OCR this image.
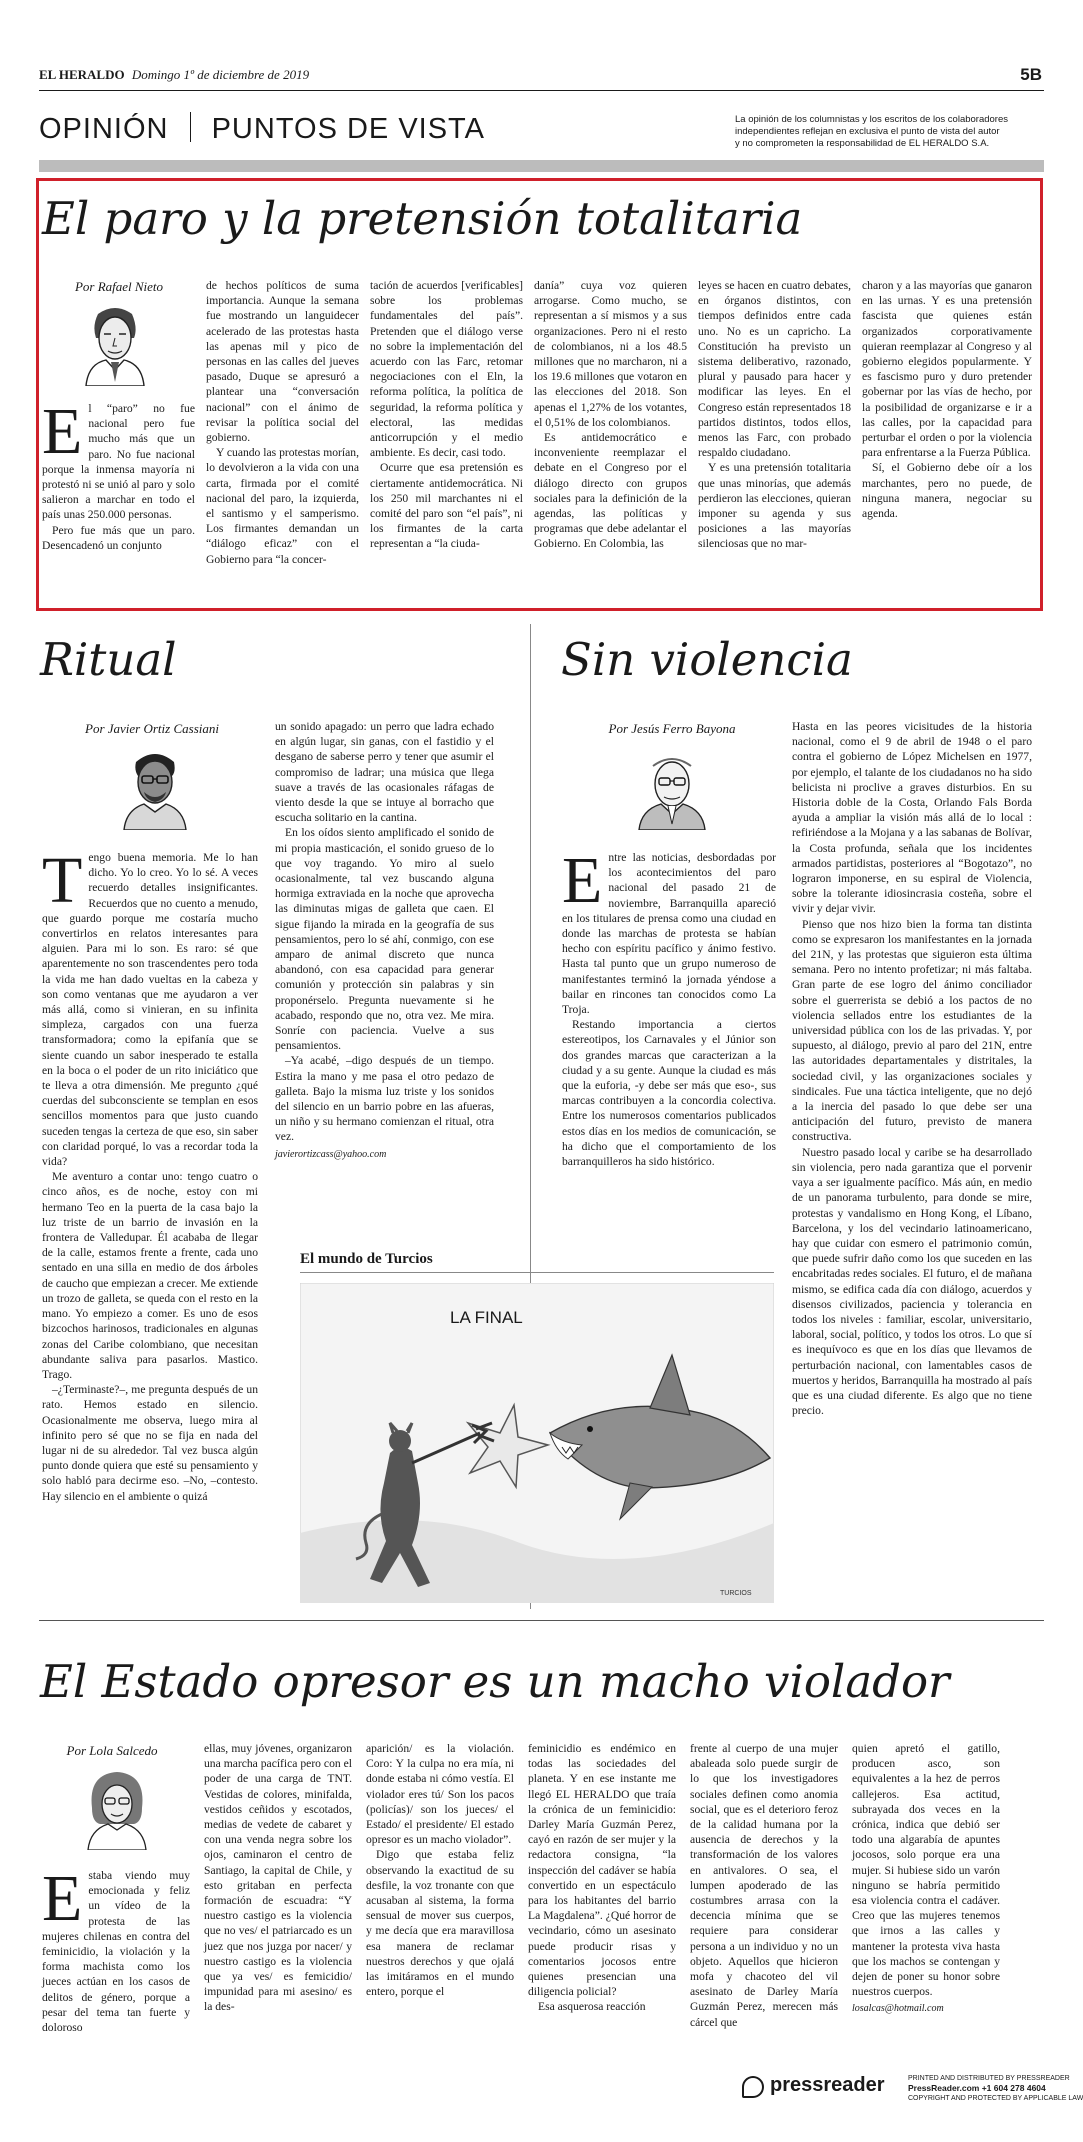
EL HERALDO Domingo 1º de diciembre de 2019	5B
OPINIÓN PUNTOS DE VISTA	La opinión de los columnistas y los escritos de los colaboradores
independientes reflejan en exclusiva el punto de vista del autor
y no comprometen la responsabilidad de EL HERALDO S.A.
El paro y la pretensión totalitaria
Por Rafael Nieto

El “paro” no fue nacional pero fue mucho más que un paro. No fue nacional porque la inmensa mayoría ni protestó ni se unió al paro y solo salieron a marchar en todo el país unas 250.000 personas.

Pero fue más que un paro. Desencadenó un conjunto

de hechos políticos de suma importancia. Aunque la semana fue mostrando un languidecer acelerado de las protestas hasta las apenas mil y pico de personas en las calles del jueves pasado, Duque se apresuró a plantear una “conversación nacional” con el ánimo de revisar la política social del gobierno.

Y cuando las protestas morían, lo devolvieron a la vida con una carta, firmada por el comité nacional del paro, la izquierda, el santismo y el samperismo. Los firmantes demandan un “diálogo eficaz” con el Gobierno para “la concer-

tación de acuerdos [verificables] sobre los problemas fundamentales del país”. Pretenden que el diálogo verse no sobre la implementación del acuerdo con las Farc, retomar negociaciones con el Eln, la reforma política, la política de seguridad, la reforma política y electoral, las medidas anticorrupción y el medio ambiente. Es decir, casi todo.

Ocurre que esa pretensión es ciertamente antidemocrática. Ni los 250 mil marchantes ni el comité del paro son “el país”, ni los firmantes de la carta representan a “la ciuda-

danía” cuya voz quieren arrogarse. Como mucho, se representan a sí mismos y a sus organizaciones. Pero ni el resto de colombianos, ni a los 48.5 millones que no marcharon, ni a los 19.6 millones que votaron en las elecciones del 2018. Son apenas el 1,27% de los votantes, el 0,51% de los colombianos.

Es antidemocrático e inconveniente reemplazar el debate en el Congreso por el diálogo directo con grupos sociales para la definición de la agendas, las políticas y programas que debe adelantar el Gobierno. En Colombia, las

leyes se hacen en cuatro debates, en órganos distintos, con tiempos definidos entre cada uno. No es un capricho. La Constitución ha previsto un sistema deliberativo, razonado, plural y pausado para hacer y modificar las leyes. En el Congreso están representados 18 partidos distintos, todos ellos, menos las Farc, con probado respaldo ciudadano.

Y es una pretensión totalitaria que unas minorías, que además perdieron las elecciones, quieran imponer su agenda y sus posiciones a las mayorías silenciosas que no mar-

charon y a las mayorías que ganaron en las urnas. Y es una pretensión fascista que quienes están organizados corporativamente quieran reemplazar al Congreso y al gobierno elegidos popularmente. Y es fascismo puro y duro pretender gobernar por las vías de hecho, por la posibilidad de organizarse e ir a las calles, por la capacidad para perturbar el orden o por la violencia para enfrentarse a la Fuerza Pública.

Sí, el Gobierno debe oír a los marchantes, pero no puede, de ninguna manera, negociar su agenda.

Ritual
Por Javier Ortiz Cassiani

Tengo buena memoria. Me lo han dicho. Yo lo creo. Yo lo sé. A veces recuerdo detalles insignificantes. Recuerdos que no cuento a menudo, que guardo porque me costaría mucho convertirlos en relatos interesantes para alguien. Para mi lo son. Es raro: sé que aparentemente no son trascendentes pero toda la vida me han dado vueltas en la cabeza y son como ventanas que me ayudaron a ver más allá, como si vinieran, en su infinita simpleza, cargados con una fuerza transformadora; como la epifanía que se siente cuando un sabor inesperado te estalla en la boca o el poder de un rito iniciático que te lleva a otra dimensión. Me pregunto ¿qué cuerdas del subconsciente se templan en esos sencillos momentos para que justo cuando suceden tengas la certeza de que eso, sin saber con claridad porqué, lo vas a recordar toda la vida?

Me aventuro a contar uno: tengo cuatro o cinco años, es de noche, estoy con mi hermano Teo en la puerta de la casa bajo la luz triste de un barrio de invasión en la frontera de Valledupar. Él acababa de llegar de la calle, estamos frente a frente, cada uno sentado en una silla en medio de dos árboles de caucho que empiezan a crecer. Me extiende un trozo de galleta, se queda con el resto en la mano. Yo empiezo a comer. Es uno de esos bizcochos harinosos, tradicionales en algunas zonas del Caribe colombiano, que necesitan abundante saliva para pasarlos. Mastico. Trago.

–¿Terminaste?–, me pregunta después de un rato. Hemos estado en silencio. Ocasionalmente me observa, luego mira al infinito pero sé que no se fija en nada del lugar ni de su alrededor. Tal vez busca algún punto donde quiera que esté su pensamiento y solo habló para decirme eso. –No, –contesto. Hay silencio en el ambiente o quizá

un sonido apagado: un perro que ladra echado en algún lugar, sin ganas, con el fastidio y el desgano de saberse perro y tener que asumir el compromiso de ladrar; una música que llega suave a través de las ocasionales ráfagas de viento desde la que se intuye al borracho que escucha solitario en la cantina.

En los oídos siento amplificado el sonido de mi propia masticación, el sonido grueso de lo que voy tragando. Yo miro al suelo ocasionalmente, tal vez buscando alguna hormiga extraviada en la noche que aprovecha las diminutas migas de galleta que caen. El sigue fijando la mirada en la geografía de sus pensamientos, pero lo sé ahí, conmigo, con ese amparo de animal discreto que nunca abandonó, con esa capacidad para generar comunión y protección sin palabras y sin proponérselo. Pregunta nuevamente si he acabado, respondo que no, otra vez. Me mira. Sonríe con paciencia. Vuelve a sus pensamientos.

–Ya acabé, –digo después de un tiempo. Estira la mano y me pasa el otro pedazo de galleta. Bajo la misma luz triste y los sonidos del silencio en un barrio pobre en las afueras, un niño y su hermano comienzan el ritual, otra vez.

javierortizcass@yahoo.com
Sin violencia
Por Jesús Ferro Bayona

Entre las noticias, desbordadas por los acontecimientos del paro nacional del pasado 21 de noviembre, Barranquilla apareció en los titulares de prensa como una ciudad en donde las marchas de protesta se habían hecho con espíritu pacífico y ánimo festivo. Hasta tal punto que un grupo numeroso de manifestantes terminó la jornada yéndose a bailar en rincones tan conocidos como La Troja.

Restando importancia a ciertos estereotipos, los Carnavales y el Júnior son dos grandes marcas que caracterizan a la ciudad y a su gente. Aunque la ciudad es más que la euforia, -y debe ser más que eso-, sus marcas contribuyen a la concordia colectiva. Entre los numerosos comentarios publicados estos días en los medios de comunicación, se ha dicho que el comportamiento de los barranquilleros ha sido histórico.

Hasta en las peores vicisitudes de la historia nacional, como el 9 de abril de 1948 o el paro contra el gobierno de López Michelsen en 1977, por ejemplo, el talante de los ciudadanos no ha sido belicista ni proclive a graves disturbios. En su Historia doble de la Costa, Orlando Fals Borda ayuda a ampliar la visión más allá de lo local : refiriéndose a la Mojana y a las sabanas de Bolívar, la Costa profunda, señala que los incidentes armados partidistas, posteriores al “Bogotazo”, no lograron imponerse, en su espiral de Violencia, sobre la tolerante idiosincrasia costeña, sobre el vivir y dejar vivir.

Pienso que nos hizo bien la forma tan distinta como se expresaron los manifestantes en la jornada del 21N, y las protestas que siguieron esta última semana. Pero no intento profetizar; ni más faltaba. Gran parte de ese logro del ánimo conciliador sobre el guerrerista se debió a los pactos de no violencia sellados entre los estudiantes de la universidad pública con los de las privadas. Y, por supuesto, al diálogo, previo al paro del 21N, entre las autoridades departamentales y distritales, la sociedad civil, y las organizaciones sociales y sindicales. Fue una táctica inteligente, que no dejó a la inercia del pasado lo que debe ser una anticipación del futuro, previsto de manera constructiva.

Nuestro pasado local y caribe se ha desarrollado sin violencia, pero nada garantiza que el porvenir vaya a ser igualmente pacífico. Más aún, en medio de un panorama turbulento, para donde se mire, protestas y vandalismo en Hong Kong, el Líbano, Barcelona, y los del vecindario latinoamericano, hay que cuidar con esmero el patrimonio común, que puede sufrir daño como los que suceden en las encabritadas redes sociales. El futuro, el de mañana mismo, se edifica cada día con diálogo, acuerdos y disensos civilizados, paciencia y tolerancia en todos los niveles : familiar, escolar, universitario, laboral, social, político, y todos los otros. Lo que sí es inequívoco es que en los días que llevamos de perturbación nacional, con lamentables casos de muertos y heridos, Barranquilla ha mostrado al país que es una ciudad diferente. Es algo que no tiene precio.

El mundo de Turcios
LA FINAL
TURCIOS
El Estado opresor es un macho violador
Por Lola Salcedo

Estaba viendo muy emocionada y feliz un vídeo de la protesta de las mujeres chilenas en contra del feminicidio, la violación y la forma machista como los jueces actúan en los casos de delitos de género, porque a pesar del tema tan fuerte y doloroso

ellas, muy jóvenes, organizaron una marcha pacífica pero con el poder de una carga de TNT. Vestidas de colores, minifalda, vestidos ceñidos y escotados, medias de vedete de cabaret y con una venda negra sobre los ojos, caminaron el centro de Santiago, la capital de Chile, y esto gritaban en perfecta formación de escuadra: “Y nuestro castigo es la violencia que no ves/ el patriarcado es un juez que nos juzga por nacer/ y nuestro castigo es la violencia que ya ves/ es femicidio/ impunidad para mi asesino/ es la des-

aparición/ es la violación. Coro: Y la culpa no era mía, ni donde estaba ni cómo vestía. El violador eres tú/ Son los pacos (policías)/ son los jueces/ el Estado/ el presidente/ El estado opresor es un macho violador”.

Digo que estaba feliz observando la exactitud de su desfile, la voz tronante con que acusaban al sistema, la forma sensual de mover sus cuerpos, y me decía que era maravillosa esa manera de reclamar nuestros derechos y que ojalá las imitáramos en el mundo entero, porque el

feminicidio es endémico en todas las sociedades del planeta. Y en ese instante me llegó EL HERALDO que traía la crónica de un feminicidio: Darley María Guzmán Perez, cayó en razón de ser mujer y la redactora consigna, “la inspección del cadáver se había convertido en un espectáculo para los habitantes del barrio La Magdalena”. ¿Qué horror de vecindario, cómo un asesinato puede producir risas y comentarios jocosos entre quienes presencian una diligencia policial?

Esa asquerosa reacción

frente al cuerpo de una mujer abaleada solo puede surgir de lo que los investigadores sociales definen como anomia social, que es el deterioro feroz de la calidad humana por la ausencia de derechos y la transformación de los valores en antivalores. O sea, el lumpen apoderado de las costumbres arrasa con la decencia mínima que se requiere para considerar persona a un individuo y no un objeto. Aquellos que hicieron mofa y chacoteo del vil asesinato de Darley María Guzmán Perez, merecen más cárcel que

quien apretó el gatillo, producen asco, son equivalentes a la hez de perros callejeros. Esa actitud, subrayada dos veces en la crónica, indica que debió ser todo una algarabía de apuntes jocosos, solo porque era una mujer. Si hubiese sido un varón ninguno se habría permitido esa violencia contra el cadáver. Creo que las mujeres tenemos que irnos a las calles y mantener la protesta viva hasta que los machos se contengan y dejen de poner su honor sobre nuestros cuerpos.

losalcas@hotmail.com
pressreader	PRINTED AND DISTRIBUTED BY PRESSREADER
PressReader.com +1 604 278 4604
COPYRIGHT AND PROTECTED BY APPLICABLE LAW
